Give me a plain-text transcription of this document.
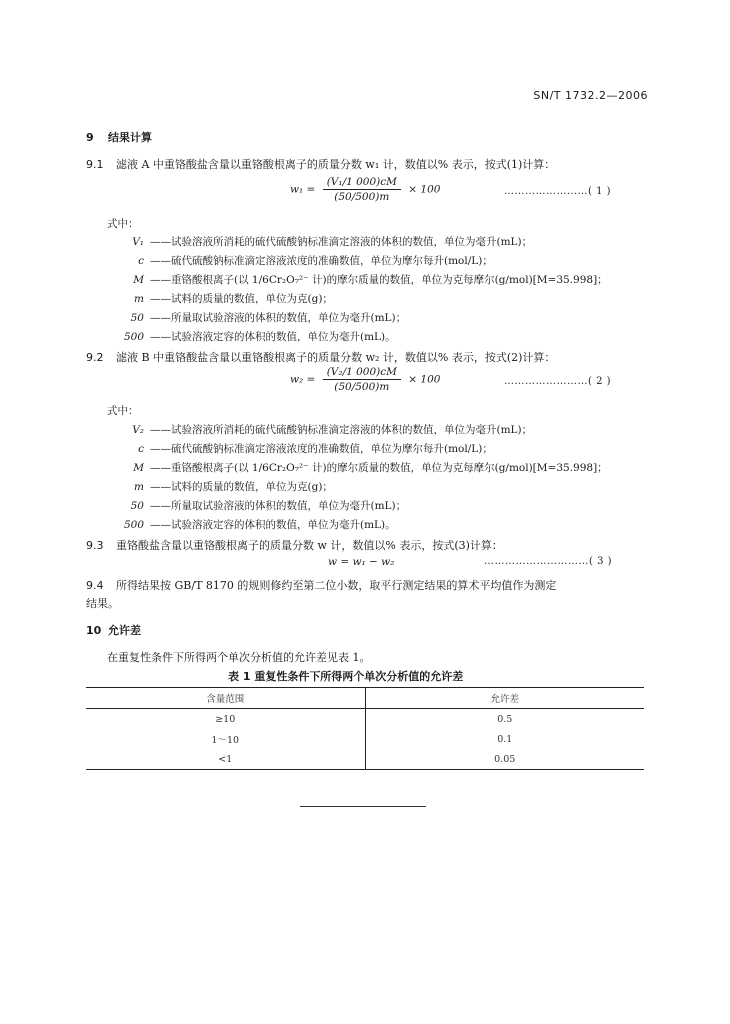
SN/T 1732.2—2006
9 结果计算
9.1 滤液 A 中重铬酸盐含量以重铬酸根离子的质量分数 w₁ 计，数值以% 表示，按式(1)计算：
$w_1 = \frac{\text{(V₁/1 000)cM}}{(50/500)m} \times 100$	……………………( 1 )
式中：
V₁ ——试验溶液所消耗的硫代硫酸钠标准滴定溶液的体积的数值，单位为毫升(mL)；
c ——硫代硫酸钠标准滴定溶液浓度的准确数值，单位为摩尔每升(mol/L)；
M ——重铬酸根离子(以 1/6Cr₂O₇²⁻ 计)的摩尔质量的数值，单位为克每摩尔(g/mol)[M=35.998]；
m ——试料的质量的数值，单位为克(g)；
50 ——所量取试验溶液的体积的数值，单位为毫升(mL)；
500 ——试验溶液定容的体积的数值，单位为毫升(mL)。
9.2 滤液 B 中重铬酸盐含量以重铬酸根离子的质量分数 w₂ 计，数值以% 表示，按式(2)计算：
$w_2 = \frac{\text{(V₂/1 000)cM}}{(50/500)m} \times 100$	……………………( 2 )
式中：
V₂ ——试验溶液所消耗的硫代硫酸钠标准滴定溶液的体积的数值，单位为毫升(mL)；
c ——硫代硫酸钠标准滴定溶液浓度的准确数值，单位为摩尔每升(mol/L)；
M ——重铬酸根离子(以 1/6Cr₂O₇²⁻ 计)的摩尔质量的数值，单位为克每摩尔(g/mol)[M=35.998]；
m ——试料的质量的数值，单位为克(g)；
50 ——所量取试验溶液的体积的数值，单位为毫升(mL)；
500 ——试验溶液定容的体积的数值，单位为毫升(mL)。
9.3 重铬酸盐含量以重铬酸根离子的质量分数 w 计，数值以% 表示，按式(3)计算：
w = w₁ − w₂	…………………………( 3 )
9.4 所得结果按 GB/T 8170 的规则修约至第二位小数，取平行测定结果的算术平均值作为测定
结果。
10 允许差
在重复性条件下所得两个单次分析值的允许差见表 1。
表 1 重复性条件下所得两个单次分析值的允许差
含量范围	允许差
≥10	0.5
1～10	0.1
<1	0.05
